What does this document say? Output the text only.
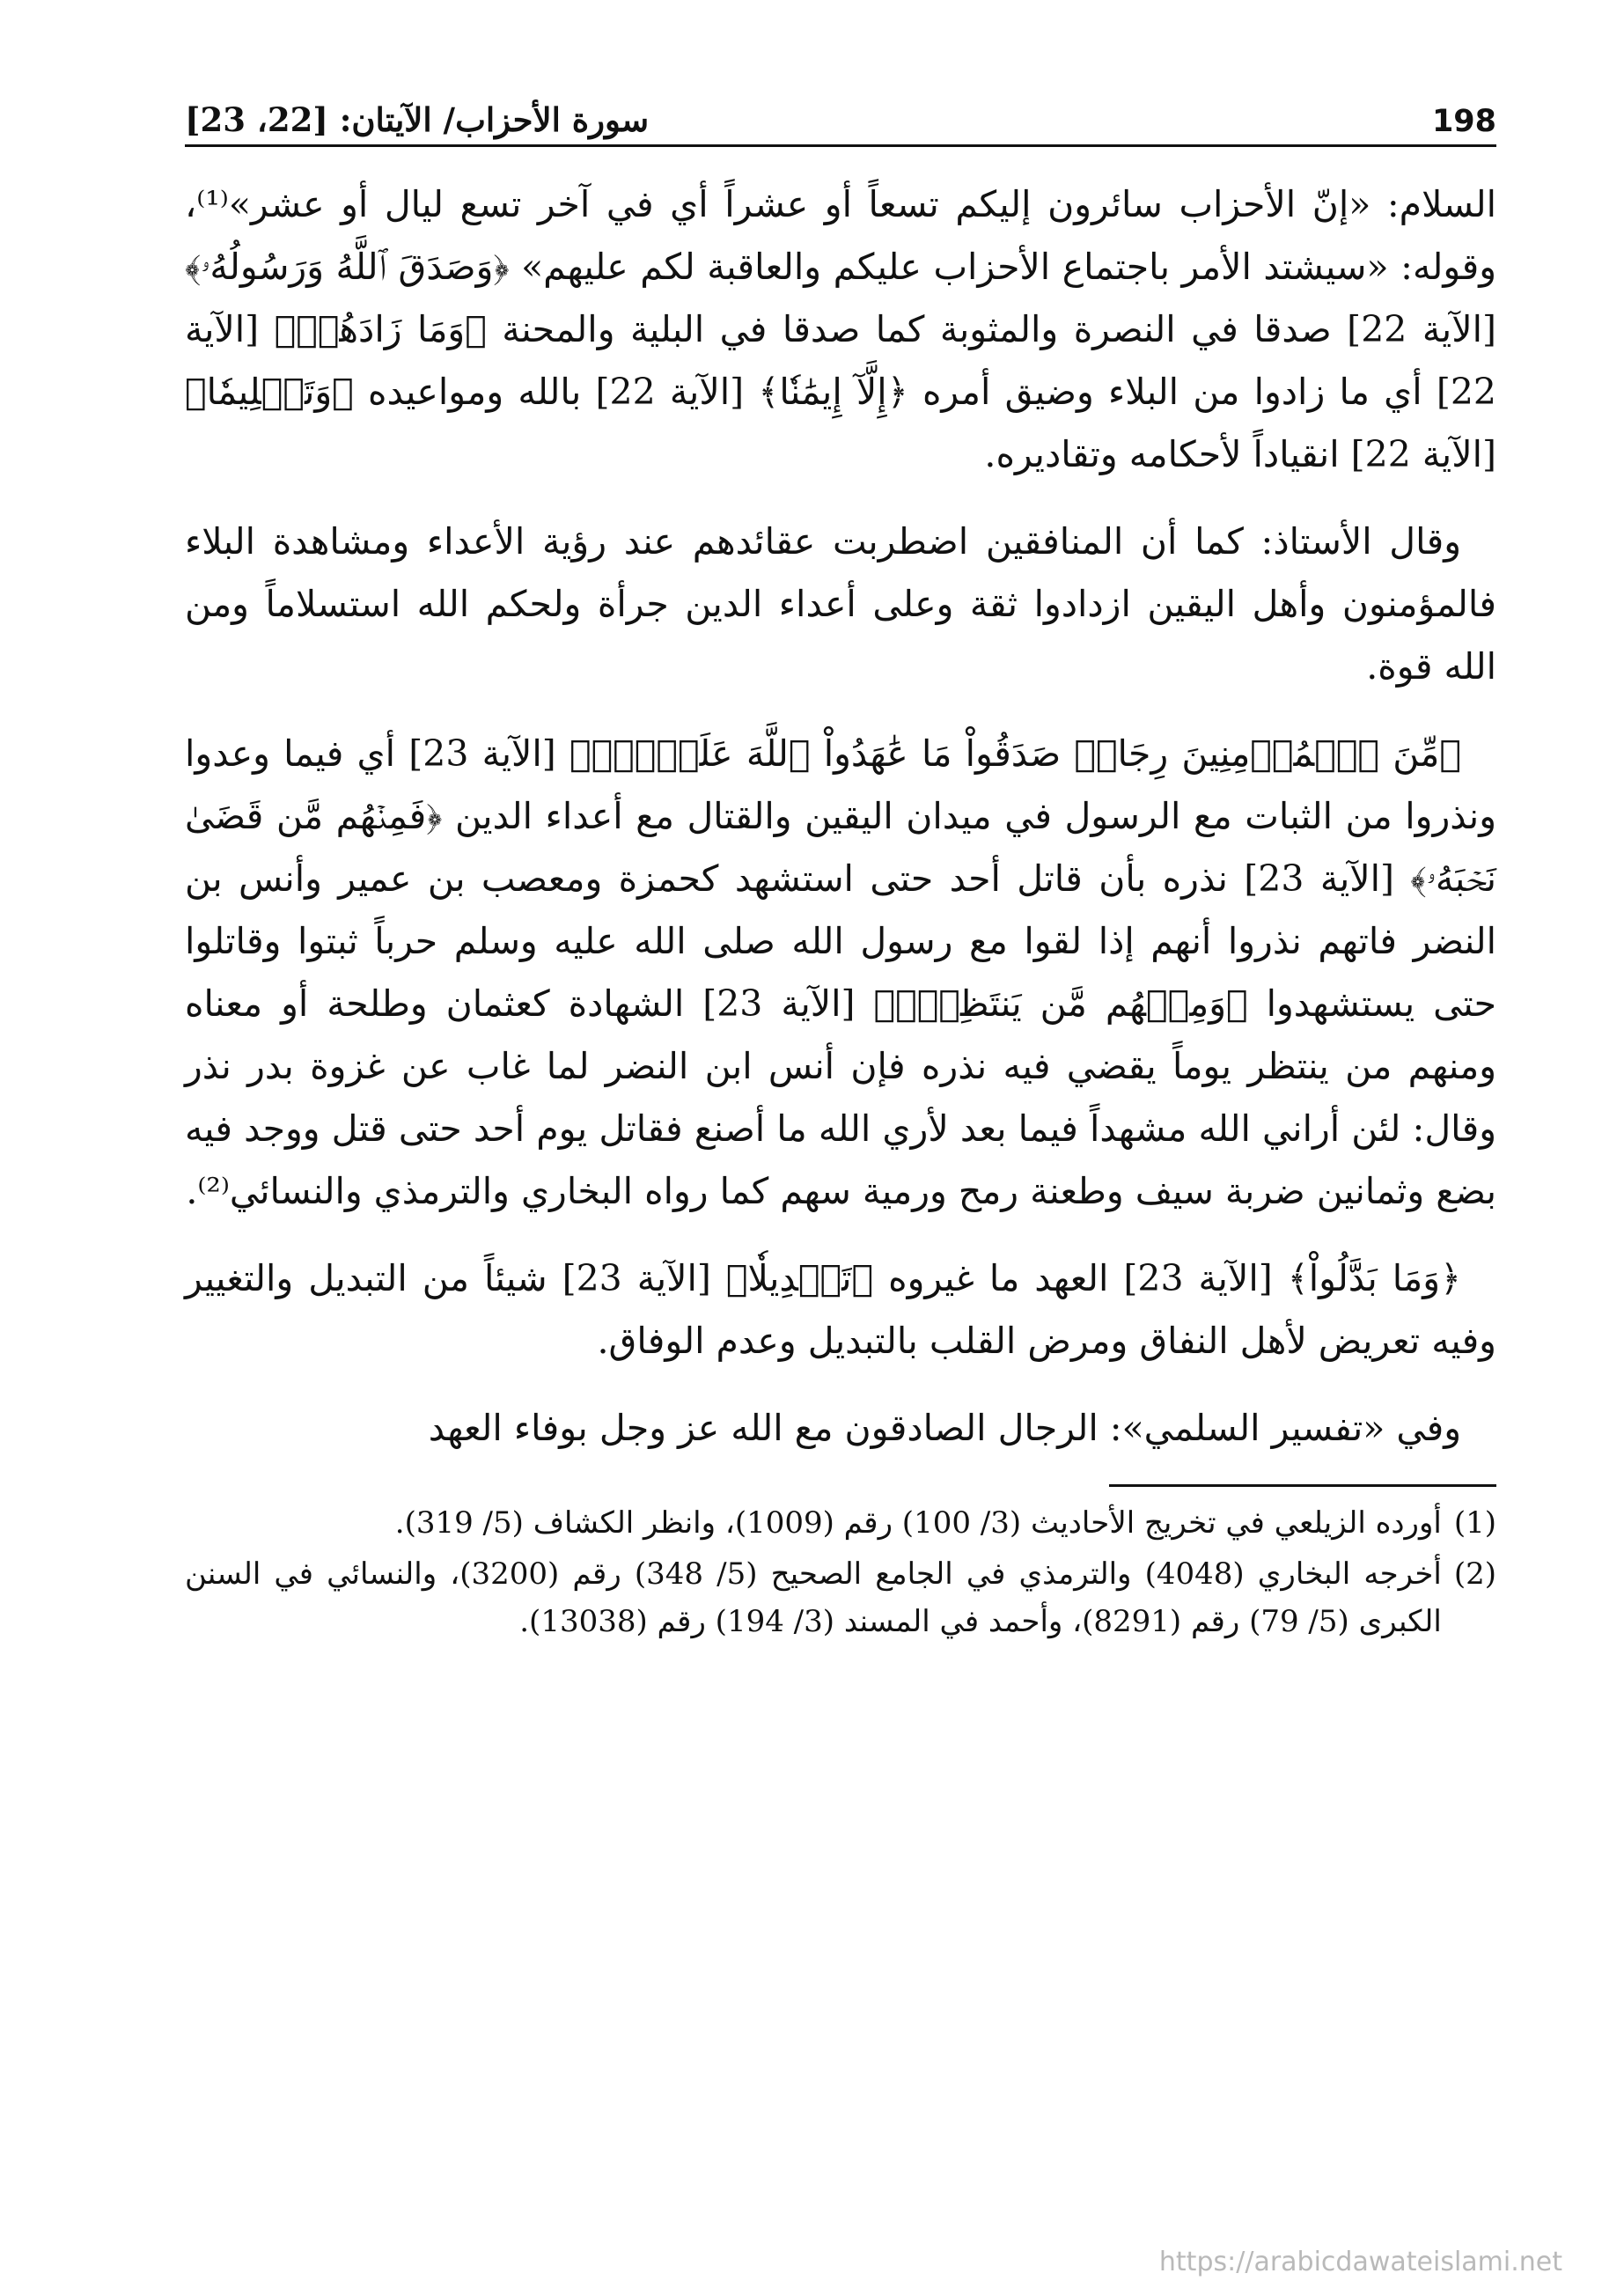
198
سورة الأحزاب/ الآيتان: [22، 23]

السلام: «إنّ الأحزاب سائرون إليكم تسعاً أو عشراً أي في آخر تسع ليال أو عشر»⁽¹⁾، وقوله: «سيشتد الأمر باجتماع الأحزاب عليكم والعاقبة لكم عليهم» ﴿وَصَدَقَ ٱللَّهُ وَرَسُولُهُۥ﴾ [الآية 22] صدقا في النصرة والمثوبة كما صدقا في البلية والمحنة ﴿وَمَا زَادَهُمۡ﴾ [الآية 22] أي ما زادوا من البلاء وضيق أمره ﴿إِلَّآ إِيمَٰنٗا﴾ [الآية 22] بالله ومواعيده ﴿وَتَسۡلِيمٗا﴾ [الآية 22] انقياداً لأحكامه وتقاديره.

وقال الأستاذ: كما أن المنافقين اضطربت عقائدهم عند رؤية الأعداء ومشاهدة البلاء فالمؤمنون وأهل اليقين ازدادوا ثقة وعلى أعداء الدين جرأة ولحكم الله استسلاماً ومن الله قوة.

﴿مِّنَ ٱلۡمُؤۡمِنِينَ رِجَالٞ صَدَقُواْ مَا عَٰهَدُواْ ٱللَّهَ عَلَيۡهِۖ﴾ [الآية 23] أي فيما وعدوا ونذروا من الثبات مع الرسول في ميدان اليقين والقتال مع أعداء الدين ﴿فَمِنۡهُم مَّن قَضَىٰ نَحۡبَهُۥ﴾ [الآية 23] نذره بأن قاتل أحد حتى استشهد كحمزة ومعصب بن عمير وأنس بن النضر فاتهم نذروا أنهم إذا لقوا مع رسول الله صلى الله عليه وسلم حرباً ثبتوا وقاتلوا حتى يستشهدوا ﴿وَمِنۡهُم مَّن يَنتَظِرُۖ﴾ [الآية 23] الشهادة كعثمان وطلحة أو معناه ومنهم من ينتظر يوماً يقضي فيه نذره فإن أنس ابن النضر لما غاب عن غزوة بدر نذر وقال: لئن أراني الله مشهداً فيما بعد لأري الله ما أصنع فقاتل يوم أحد حتى قتل ووجد فيه بضع وثمانين ضربة سيف وطعنة رمح ورمية سهم كما رواه البخاري والترمذي والنسائي⁽²⁾.

﴿وَمَا بَدَّلُواْ﴾ [الآية 23] العهد ما غيروه ﴿تَبۡدِيلٗا﴾ [الآية 23] شيئاً من التبديل والتغيير وفيه تعريض لأهل النفاق ومرض القلب بالتبديل وعدم الوفاق.

وفي «تفسير السلمي»: الرجال الصادقون مع الله عز وجل بوفاء العهد

(1)
أورده الزيلعي في تخريج الأحاديث (3/ 100) رقم (1009)، وانظر الكشاف (5/ 319).
(2)
أخرجه البخاري (4048) والترمذي في الجامع الصحيح (5/ 348) رقم (3200)، والنسائي في السنن الكبرى (5/ 79) رقم (8291)، وأحمد في المسند (3/ 194) رقم (13038).
https://arabicdawateislami.net
